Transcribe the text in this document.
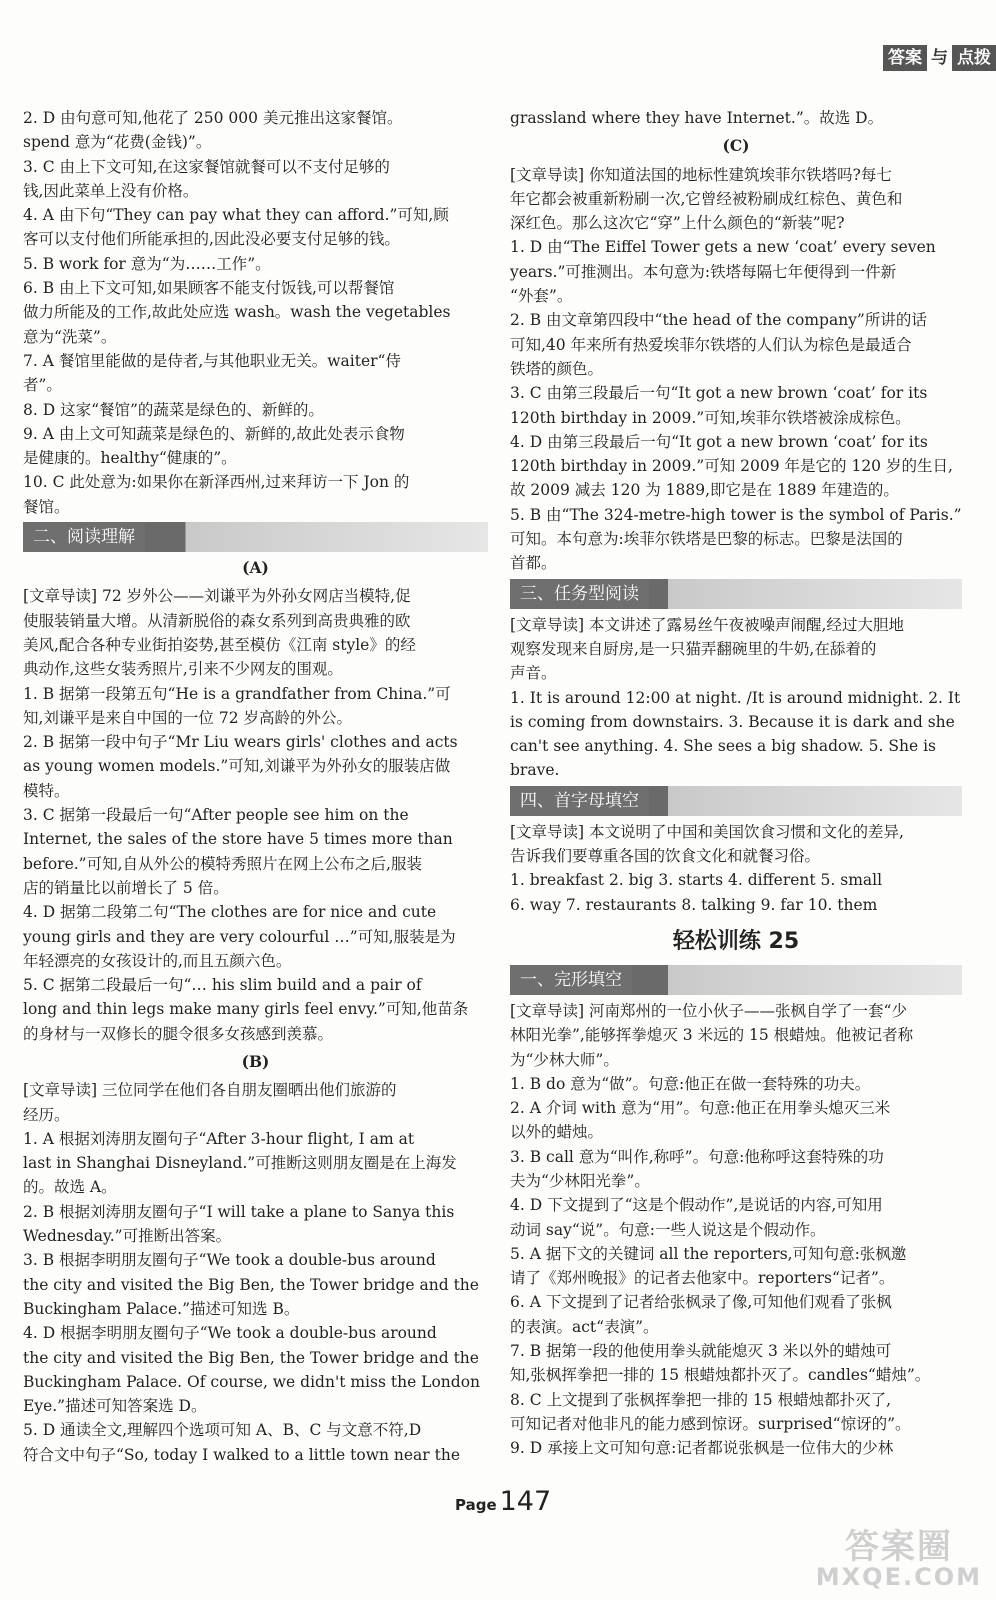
答案 与 点拨

2. D 由句意可知,他花了 250 000 美元推出这家餐馆。

spend 意为“花费(金钱)”。

3. C 由上下文可知,在这家餐馆就餐可以不支付足够的

钱,因此菜单上没有价格。

4. A 由下句“They can pay what they can afford.”可知,顾

客可以支付他们所能承担的,因此没必要支付足够的钱。

5. B work for 意为“为……工作”。

6. B 由上下文可知,如果顾客不能支付饭钱,可以帮餐馆

做力所能及的工作,故此处应选 wash。wash the vegetables

意为“洗菜”。

7. A 餐馆里能做的是侍者,与其他职业无关。waiter“侍

者”。

8. D 这家“餐馆”的蔬菜是绿色的、新鲜的。

9. A 由上文可知蔬菜是绿色的、新鲜的,故此处表示食物

是健康的。healthy“健康的”。

10. C 此处意为:如果你在新泽西州,过来拜访一下 Jon 的

餐馆。

二、阅读理解
(A)

[文章导读] 72 岁外公——刘谦平为外孙女网店当模特,促

使服装销量大增。从清新脱俗的森女系列到高贵典雅的欧

美风,配合各种专业街拍姿势,甚至模仿《江南 style》的经

典动作,这些女装秀照片,引来不少网友的围观。

1. B 据第一段第五句“He is a grandfather from China.”可

知,刘谦平是来自中国的一位 72 岁高龄的外公。

2. B 据第一段中句子“Mr Liu wears girls' clothes and acts

as young women models.”可知,刘谦平为外孙女的服装店做

模特。

3. C 据第一段最后一句“After people see him on the

Internet, the sales of the store have 5 times more than

before.”可知,自从外公的模特秀照片在网上公布之后,服装

店的销量比以前增长了 5 倍。

4. D 据第二段第二句“The clothes are for nice and cute

young girls and they are very colourful …”可知,服装是为

年轻漂亮的女孩设计的,而且五颜六色。

5. C 据第二段最后一句“… his slim build and a pair of

long and thin legs make many girls feel envy.”可知,他苗条

的身材与一双修长的腿令很多女孩感到羡慕。

(B)

[文章导读] 三位同学在他们各自朋友圈晒出他们旅游的

经历。

1. A 根据刘涛朋友圈句子“After 3-hour flight, I am at

last in Shanghai Disneyland.”可推断这则朋友圈是在上海发

的。故选 A。

2. B 根据刘涛朋友圈句子“I will take a plane to Sanya this

Wednesday.”可推断出答案。

3. B 根据李明朋友圈句子“We took a double-bus around

the city and visited the Big Ben, the Tower bridge and the

Buckingham Palace.”描述可知选 B。

4. D 根据李明朋友圈句子“We took a double-bus around

the city and visited the Big Ben, the Tower bridge and the

Buckingham Palace. Of course, we didn't miss the London

Eye.”描述可知答案选 D。

5. D 通读全文,理解四个选项可知 A、B、C 与文意不符,D

符合文中句子“So, today I walked to a little town near the

grassland where they have Internet.”。故选 D。

(C)

[文章导读] 你知道法国的地标性建筑埃菲尔铁塔吗?每七

年它都会被重新粉刷一次,它曾经被粉刷成红棕色、黄色和

深红色。那么这次它“穿”上什么颜色的“新装”呢?

1. D 由“The Eiffel Tower gets a new ‘coat’ every seven

years.”可推测出。本句意为:铁塔每隔七年便得到一件新

“外套”。

2. B 由文章第四段中“the head of the company”所讲的话

可知,40 年来所有热爱埃菲尔铁塔的人们认为棕色是最适合

铁塔的颜色。

3. C 由第三段最后一句“It got a new brown ‘coat’ for its

120th birthday in 2009.”可知,埃菲尔铁塔被涂成棕色。

4. D 由第三段最后一句“It got a new brown ‘coat’ for its

120th birthday in 2009.”可知 2009 年是它的 120 岁的生日,

故 2009 减去 120 为 1889,即它是在 1889 年建造的。

5. B 由“The 324-metre-high tower is the symbol of Paris.”

可知。本句意为:埃菲尔铁塔是巴黎的标志。巴黎是法国的

首都。

三、任务型阅读

[文章导读] 本文讲述了露易丝午夜被噪声闹醒,经过大胆地

观察发现来自厨房,是一只猫弄翻碗里的牛奶,在舔着的

声音。

1. It is around 12:00 at night. /It is around midnight. 2. It

is coming from downstairs. 3. Because it is dark and she

can't see anything. 4. She sees a big shadow. 5. She is

brave.

四、首字母填空

[文章导读] 本文说明了中国和美国饮食习惯和文化的差异,

告诉我们要尊重各国的饮食文化和就餐习俗。

1. breakfast 2. big 3. starts 4. different 5. small

6. way 7. restaurants 8. talking 9. far 10. them

轻松训练 25
一、完形填空

[文章导读] 河南郑州的一位小伙子——张枫自学了一套“少

林阳光拳”,能够挥拳熄灭 3 米远的 15 根蜡烛。他被记者称

为“少林大师”。

1. B do 意为“做”。句意:他正在做一套特殊的功夫。

2. A 介词 with 意为“用”。句意:他正在用拳头熄灭三米

以外的蜡烛。

3. B call 意为“叫作,称呼”。句意:他称呼这套特殊的功

夫为“少林阳光拳”。

4. D 下文提到了“这是个假动作”,是说话的内容,可知用

动词 say“说”。句意:一些人说这是个假动作。

5. A 据下文的关键词 all the reporters,可知句意:张枫邀

请了《郑州晚报》的记者去他家中。reporters“记者”。

6. A 下文提到了记者给张枫录了像,可知他们观看了张枫

的表演。act“表演”。

7. B 据第一段的他使用拳头就能熄灭 3 米以外的蜡烛可

知,张枫挥拳把一排的 15 根蜡烛都扑灭了。candles“蜡烛”。

8. C 上文提到了张枫挥拳把一排的 15 根蜡烛都扑灭了,

可知记者对他非凡的能力感到惊讶。surprised“惊讶的”。

9. D 承接上文可知句意:记者都说张枫是一位伟大的少林

Page 147
答案圈
MXQE.COM
